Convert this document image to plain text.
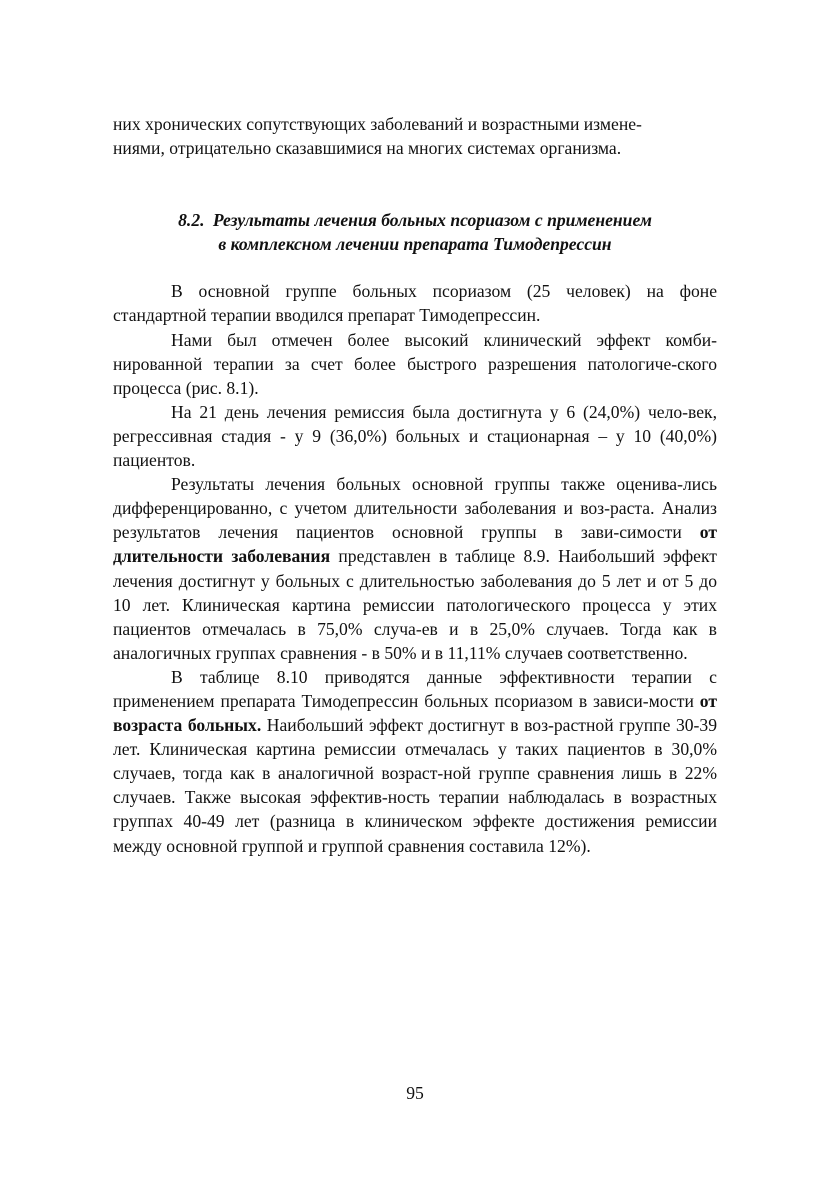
них хронических сопутствующих заболеваний и возрастными измене-
ниями, отрицательно сказавшимися на многих системах организма.

8.2. Результаты лечения больных псориазом с применением

в комплексном лечении препарата Тимодепрессин

В основной группе больных псориазом (25 человек) на фоне стандартной терапии вводился препарат Тимодепрессин.

Нами был отмечен более высокий клинический эффект комби-нированной терапии за счет более быстрого разрешения патологиче-ского процесса (рис. 8.1).

На 21 день лечения ремиссия была достигнута у 6 (24,0%) чело-век, регрессивная стадия - у 9 (36,0%) больных и стационарная – у 10 (40,0%) пациентов.

Результаты лечения больных основной группы также оценива-лись дифференцированно, с учетом длительности заболевания и воз-раста. Анализ результатов лечения пациентов основной группы в зави-симости от длительности заболевания представлен в таблице 8.9. Наибольший эффект лечения достигнут у больных с длительностью заболевания до 5 лет и от 5 до 10 лет. Клиническая картина ремиссии патологического процесса у этих пациентов отмечалась в 75,0% случа-ев и в 25,0% случаев. Тогда как в аналогичных группах сравнения - в 50% и в 11,11% случаев соответственно.

В таблице 8.10 приводятся данные эффективности терапии с применением препарата Тимодепрессин больных псориазом в зависи-мости от возраста больных. Наибольший эффект достигнут в воз-растной группе 30-39 лет. Клиническая картина ремиссии отмечалась у таких пациентов в 30,0% случаев, тогда как в аналогичной возраст-ной группе сравнения лишь в 22% случаев. Также высокая эффектив-ность терапии наблюдалась в возрастных группах 40-49 лет (разница в клиническом эффекте достижения ремиссии между основной группой и группой сравнения составила 12%).

95
